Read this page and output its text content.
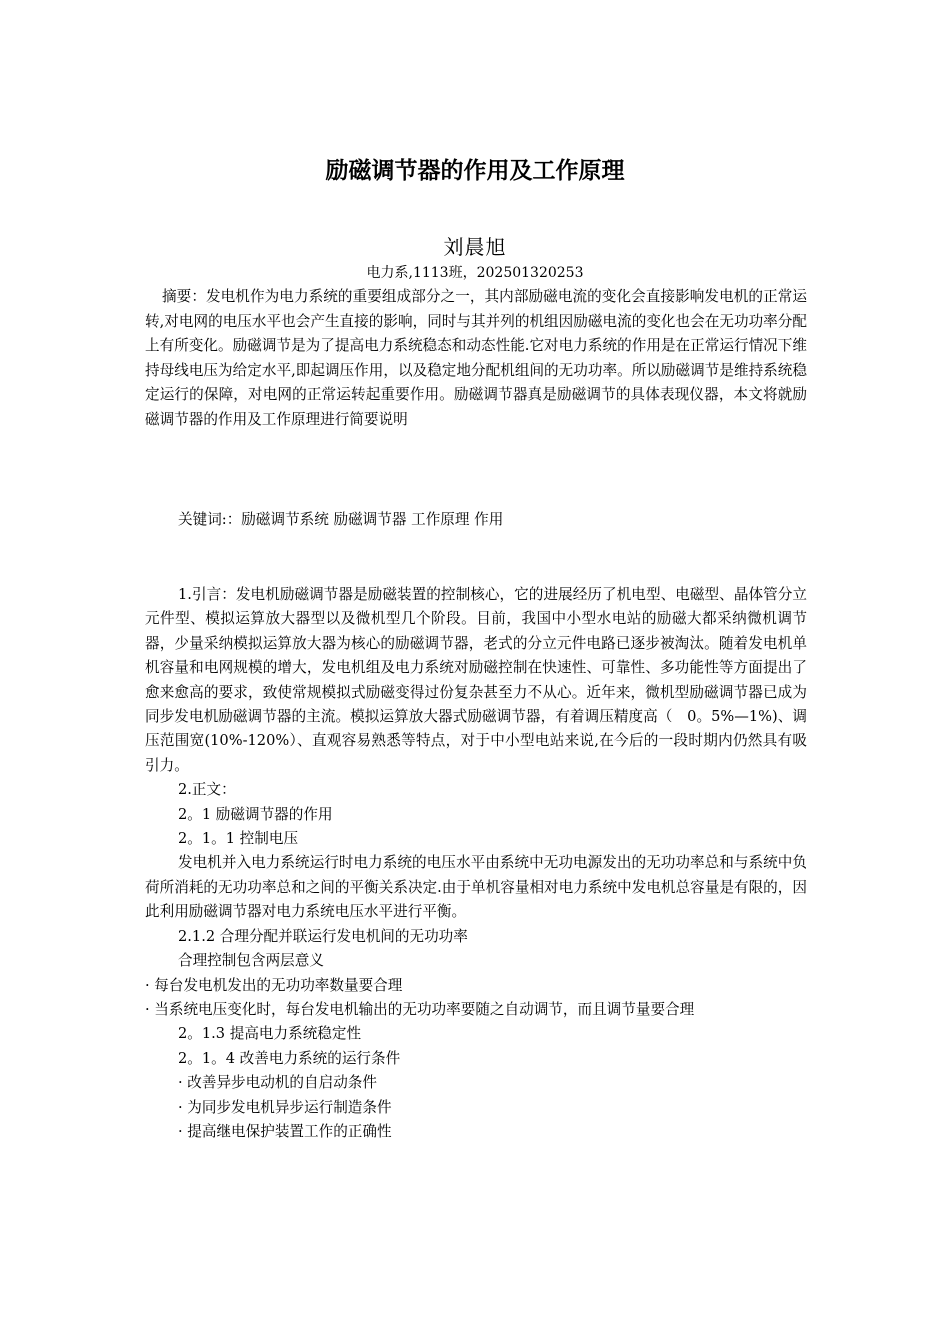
励磁调节器的作用及工作原理
刘晨旭
电力系,1113班，202501320253

摘要：发电机作为电力系统的重要组成部分之一，其内部励磁电流的变化会直接影响发电机的正常运转,对电网的电压水平也会产生直接的影响，同时与其并列的机组因励磁电流的变化也会在无功功率分配上有所变化。励磁调节是为了提高电力系统稳态和动态性能.它对电力系统的作用是在正常运行情况下维持母线电压为给定水平,即起调压作用，以及稳定地分配机组间的无功功率。所以励磁调节是维持系统稳定运行的保障，对电网的正常运转起重要作用。励磁调节器真是励磁调节的具体表现仪器，本文将就励磁调节器的作用及工作原理进行简要说明

关键词:：励磁调节系统 励磁调节器 工作原理 作用

1.引言：发电机励磁调节器是励磁装置的控制核心，它的进展经历了机电型、电磁型、晶体管分立元件型、模拟运算放大器型以及微机型几个阶段。目前，我国中小型水电站的励磁大都采纳微机调节器，少量采纳模拟运算放大器为核心的励磁调节器，老式的分立元件电路已逐步被淘汰。随着发电机单机容量和电网规模的增大，发电机组及电力系统对励磁控制在快速性、可靠性、多功能性等方面提出了愈来愈高的要求，致使常规模拟式励磁变得过份复杂甚至力不从心。近年来，微机型励磁调节器已成为同步发电机励磁调节器的主流。模拟运算放大器式励磁调节器，有着调压精度高（　0。5%—1%)、调压范围宽(10%-120%）、直观容易熟悉等特点，对于中小型电站来说,在今后的一段时期内仍然具有吸引力。

2.正文：

2。1 励磁调节器的作用

2。1。1 控制电压

发电机并入电力系统运行时电力系统的电压水平由系统中无功电源发出的无功功率总和与系统中负荷所消耗的无功功率总和之间的平衡关系决定.由于单机容量相对电力系统中发电机总容量是有限的，因此利用励磁调节器对电力系统电压水平进行平衡。

2.1.2 合理分配并联运行发电机间的无功功率

合理控制包含两层意义

· 每台发电机发出的无功功率数量要合理

· 当系统电压变化时，每台发电机输出的无功功率要随之自动调节，而且调节量要合理

2。1.3 提高电力系统稳定性

2。1。4 改善电力系统的运行条件

· 改善异步电动机的自启动条件

· 为同步发电机异步运行制造条件

· 提高继电保护装置工作的正确性
